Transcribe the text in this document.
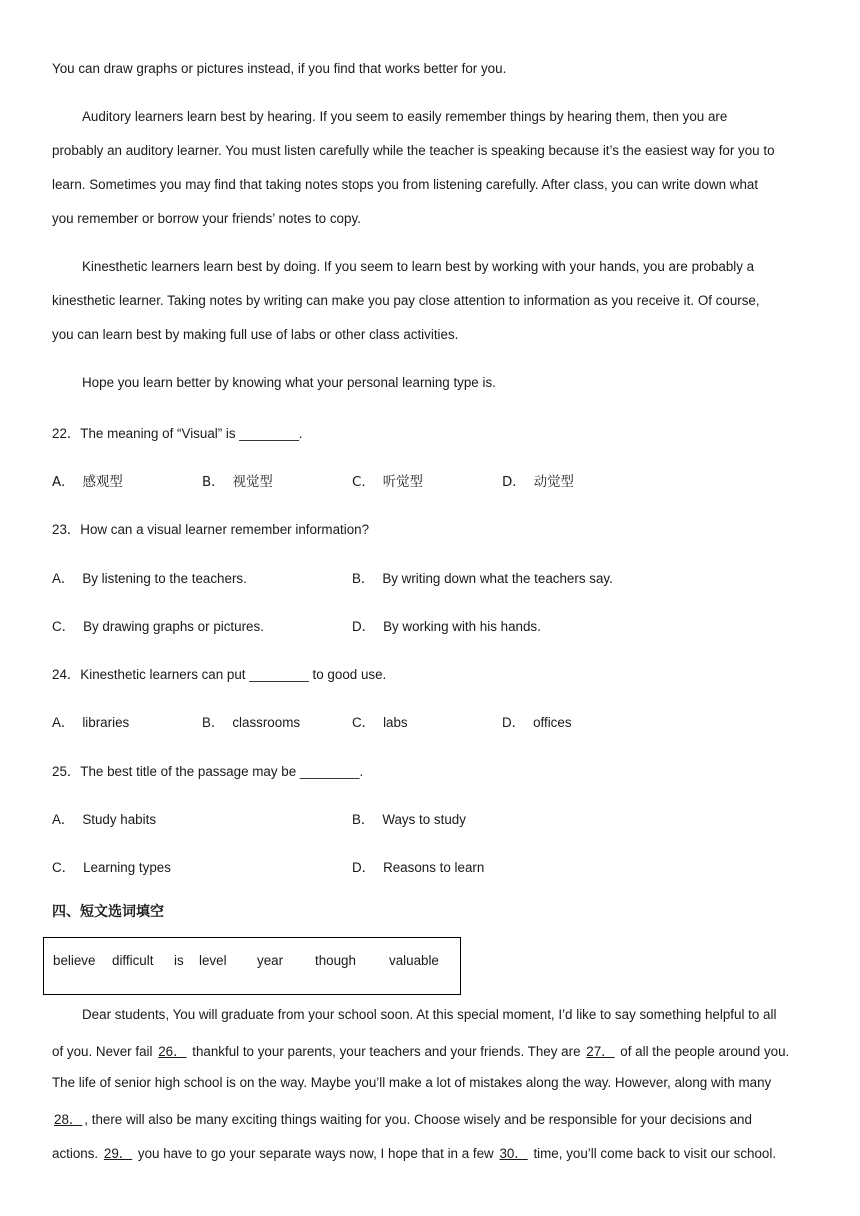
You can draw graphs or pictures instead, if you find that works better for you.
Auditory learners learn best by hearing. If you seem to easily remember things by hearing them, then you are
probably an auditory learner. You must listen carefully while the teacher is speaking because it’s the easiest way for you to
learn. Sometimes you may find that taking notes stops you from listening carefully. After class, you can write down what
you remember or borrow your friends’ notes to copy.
Kinesthetic learners learn best by doing. If you seem to learn best by working with your hands, you are probably a
kinesthetic learner. Taking notes by writing can make you pay close attention to information as you receive it. Of course,
you can learn best by making full use of labs or other class activities.
Hope you learn better by knowing what your personal learning type is.
22．The meaning of “Visual” is ________.
A． 感观型	B． 视觉型	C． 听觉型	D． 动觉型
23．How can a visual learner remember information?
A． By listening to the teachers.	B． By writing down what the teachers say.
C． By drawing graphs or pictures.	D． By working with his hands.
24．Kinesthetic learners can put ________ to good use.
A． libraries	B． classrooms	C． labs	D． offices
25．The best title of the passage may be ________.
A． Study habits	B． Ways to study
C． Learning types	D． Reasons to learn
四、短文选词填空
believe difficult is level year though valuable
Dear students, You will graduate from your school soon. At this special moment, I’d like to say something helpful to all
of you. Never fail 26． thankful to your parents, your teachers and your friends. They are 27． of all the people around you.
The life of senior high school is on the way. Maybe you’ll make a lot of mistakes along the way. However, along with many
28． , there will also be many exciting things waiting for you. Choose wisely and be responsible for your decisions and
actions. 29． you have to go your separate ways now, I hope that in a few 30． time, you’ll come back to visit our school.
